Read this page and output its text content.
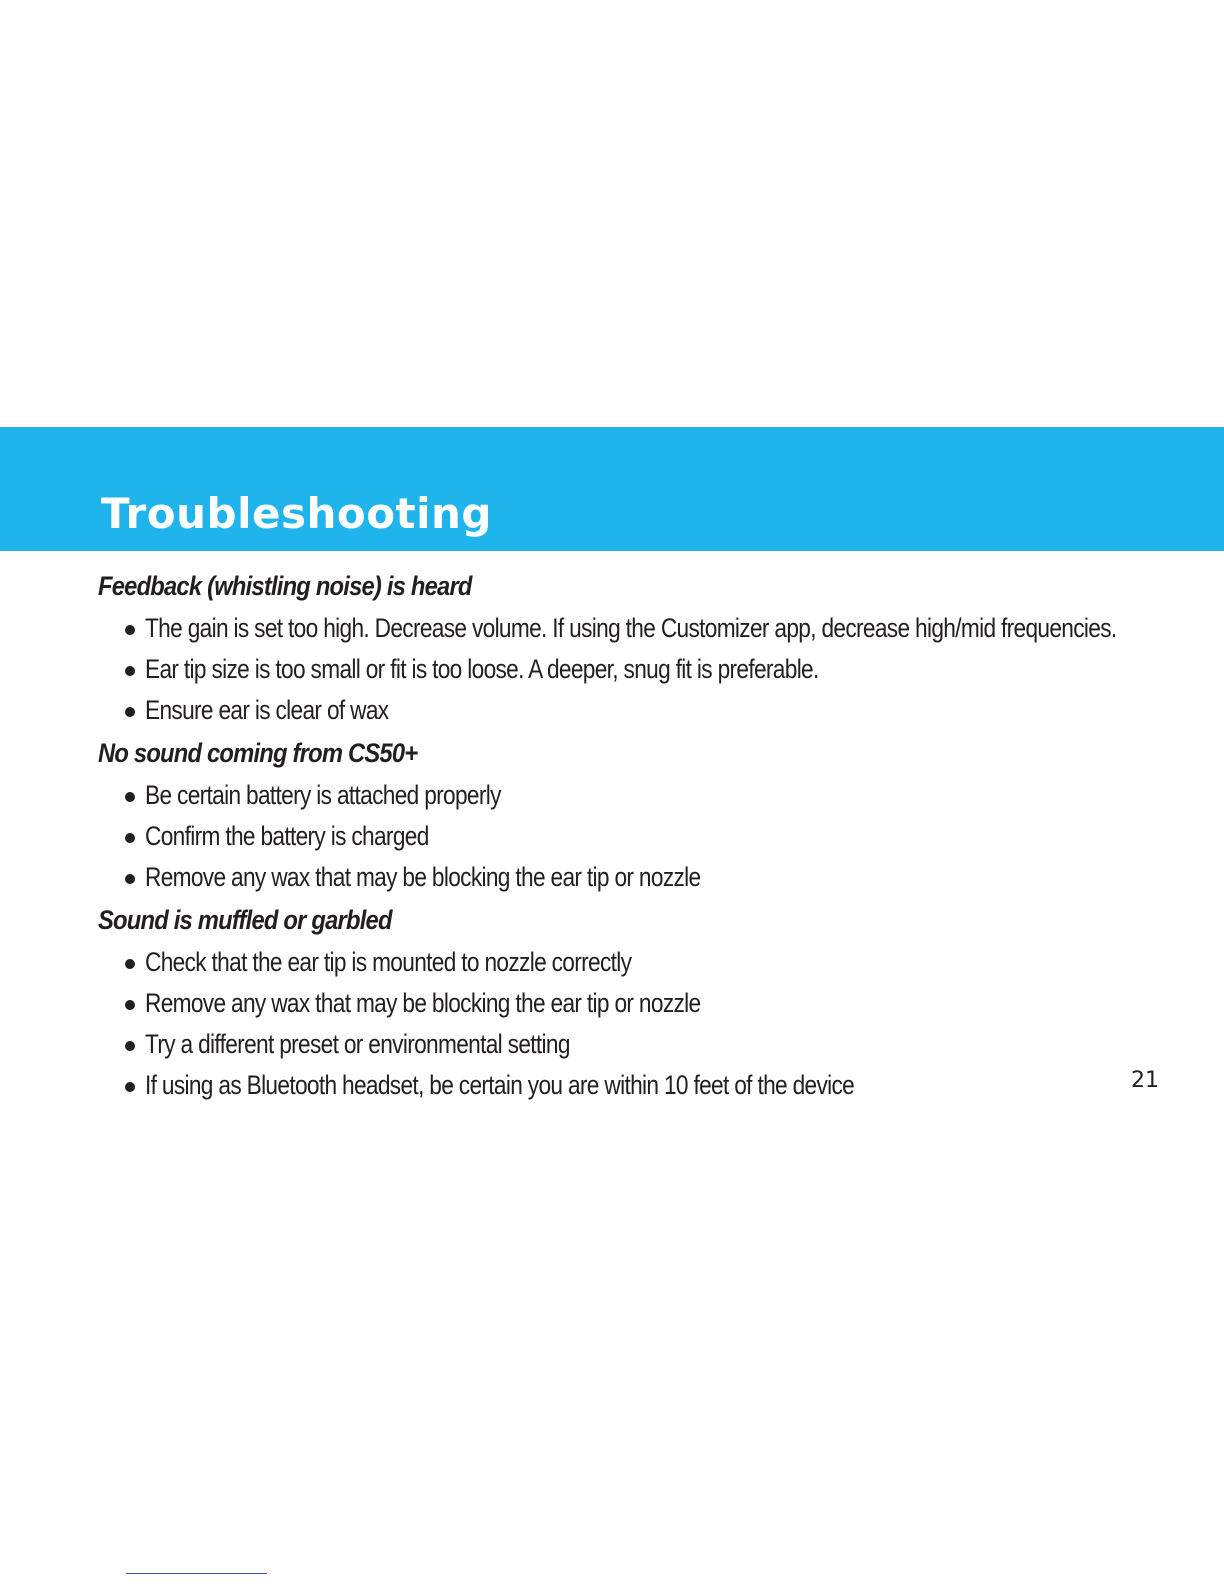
Troubleshooting
Feedback (whistling noise) is heard
The gain is set too high. Decrease volume. If using the Customizer app, decrease high/mid frequencies.
Ear tip size is too small or fit is too loose. A deeper, snug fit is preferable.
Ensure ear is clear of wax
No sound coming from CS50+
Be certain battery is attached properly
Confirm the battery is charged
Remove any wax that may be blocking the ear tip or nozzle
Sound is muffled or garbled
Check that the ear tip is mounted to nozzle correctly
Remove any wax that may be blocking the ear tip or nozzle
Try a different preset or environmental setting
If using as Bluetooth headset, be certain you are within 10 feet of the device	21
